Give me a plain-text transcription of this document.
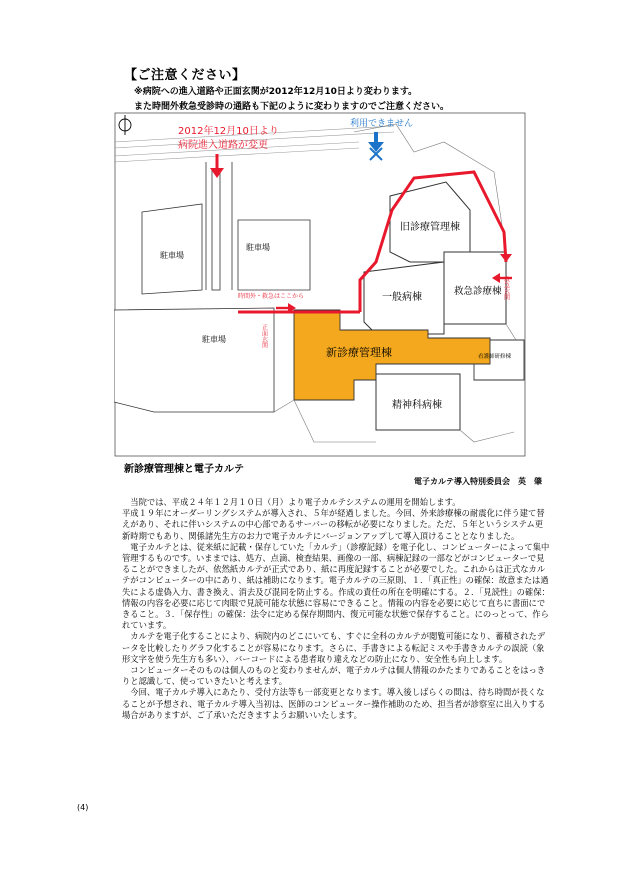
【ご注意ください】
※病院への進入道路や正面玄関が2012年12月10日より変わります。
また時間外救急受診時の通路も下記のように変わりますのでご注意ください。
2012年12月10日より
病院進入道路が変更
利用できません
時間外・救急はここから
駐車場
駐車場
駐車場
旧診療管理棟
一般病棟
救急診療棟 救急玄関
正面玄関
新診療管理棟	看護師研修棟
精神科病棟
新診療管理棟と電子カルテ
電子カルテ導入特別委員会　英　肇

当院では、平成２４年１２月１０日（月）より電子カルテシステムの運用を開始します。

平成１９年にオーダーリングシステムが導入され、５年が経過しました。今回、外来診療棟の耐震化に伴う建て替えがあり、それに伴いシステムの中心部であるサーバーの移転が必要になりました。ただ、５年というシステム更新時期でもあり、関係諸先生方のお力で電子カルテにバージョンアップして導入頂けることとなりました。

電子カルテとは、従来紙に記載・保存していた「カルテ」（診療記録）を電子化し、コンピューターによって集中管理するものです。いままでは、処方、点滴、検査結果、画像の一部、病棟記録の一部などがコンピューターで見ることができましたが、依然紙カルテが正式であり、紙に再度記録することが必要でした。これからは正式なカルテがコンピューターの中にあり、紙は補助になります。電子カルテの三原則、１．「真正性」の確保：故意または過失による虚偽入力、書き換え、消去及び混同を防止する。作成の責任の所在を明確にする。２．「見読性」の確保：情報の内容を必要に応じて肉眼で見読可能な状態に容易にできること。情報の内容を必要に応じて直ちに書面にできること。３．「保存性」の確保：法令に定める保存期間内、復元可能な状態で保存すること。にのっとって、作られています。

カルテを電子化することにより、病院内のどこにいても、すぐに全科のカルテが閲覧可能になり、蓄積されたデータを比較したりグラフ化することが容易になります。さらに、手書きによる転記ミスや手書きカルテの誤読（象形文字を使う先生方も多い）、バーコードによる患者取り違えなどの防止になり、安全性も向上します。

コンピューターそのものは個人のものと変わりませんが、電子カルテは個人情報のかたまりであることをはっきりと認識して、使っていきたいと考えます。

今回、電子カルテ導入にあたり、受付方法等も一部変更となります。導入後しばらくの間は、待ち時間が長くなることが予想され、電子カルテ導入当初は、医師のコンピューター操作補助のため、担当者が診察室に出入りする場合がありますが、ご了承いただきますようお願いいたします。

(4)
